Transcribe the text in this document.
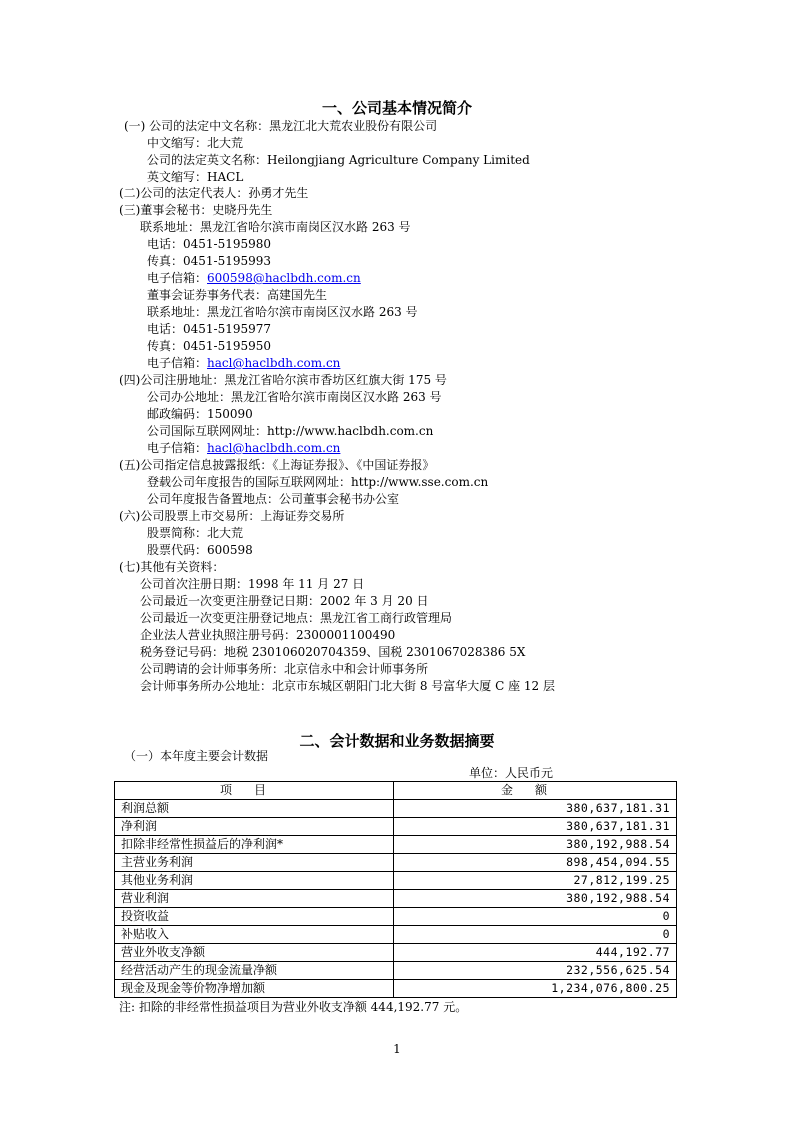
一、公司基本情况简介
(一) 公司的法定中文名称：黑龙江北大荒农业股份有限公司
中文缩写：北大荒
公司的法定英文名称：Heilongjiang Agriculture Company Limited
英文缩写：HACL
(二)公司的法定代表人：孙勇才先生
(三)董事会秘书：史晓丹先生
联系地址：黑龙江省哈尔滨市南岗区汉水路 263 号
电话：0451-5195980
传真：0451-5195993
电子信箱：600598@haclbdh.com.cn
董事会证券事务代表：高建国先生
联系地址：黑龙江省哈尔滨市南岗区汉水路 263 号
电话：0451-5195977
传真：0451-5195950
电子信箱：hacl@haclbdh.com.cn
(四)公司注册地址：黑龙江省哈尔滨市香坊区红旗大街 175 号
公司办公地址：黑龙江省哈尔滨市南岗区汉水路 263 号
邮政编码：150090
公司国际互联网网址：http://www.haclbdh.com.cn
电子信箱：hacl@haclbdh.com.cn
(五)公司指定信息披露报纸：《上海证券报》、《中国证券报》
登载公司年度报告的国际互联网网址：http://www.sse.com.cn
公司年度报告备置地点：公司董事会秘书办公室
(六)公司股票上市交易所：上海证券交易所
股票简称：北大荒
股票代码：600598
(七)其他有关资料：
公司首次注册日期：1998 年 11 月 27 日
公司最近一次变更注册登记日期：2002 年 3 月 20 日
公司最近一次变更注册登记地点：黑龙江省工商行政管理局
企业法人营业执照注册号码：2300001100490
税务登记号码：地税 230106020704359、国税 2301067028386 5X
公司聘请的会计师事务所：北京信永中和会计师事务所
会计师事务所办公地址：北京市东城区朝阳门北大街 8 号富华大厦 C 座 12 层
二、会计数据和业务数据摘要
（一）本年度主要会计数据
单位：人民币元
项目	金额
利润总额	380,637,181.31
净利润	380,637,181.31
扣除非经常性损益后的净利润*	380,192,988.54
主营业务利润	898,454,094.55
其他业务利润	27,812,199.25
营业利润	380,192,988.54
投资收益	0
补贴收入	0
营业外收支净额	444,192.77
经营活动产生的现金流量净额	232,556,625.54
现金及现金等价物净增加额	1,234,076,800.25
注: 扣除的非经常性损益项目为营业外收支净额 444,192.77 元。
1
